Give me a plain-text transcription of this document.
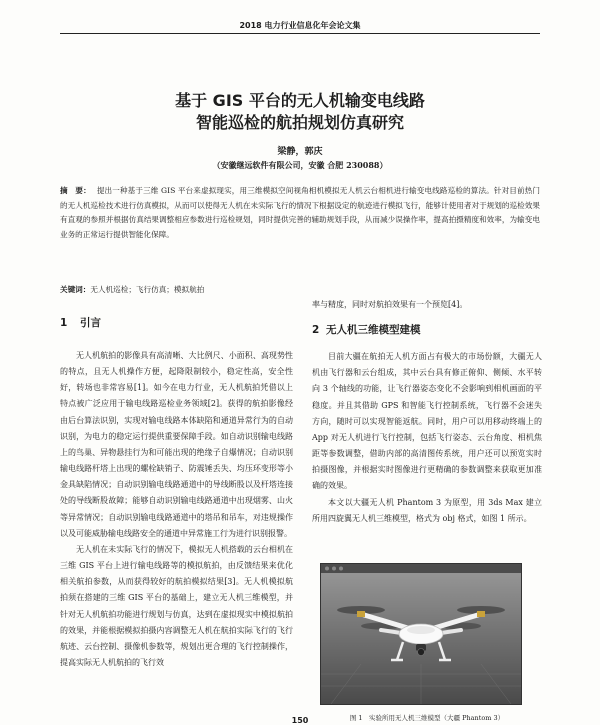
2018 电力行业信息化年会论文集
基于 GIS 平台的无人机输变电线路
智能巡检的航拍规划仿真研究
梁静，郭庆
（安徽继远软件有限公司，安徽 合肥 230088）

摘　要： 提出一种基于三维 GIS 平台来虚拟现实，用三维模拟空间视角相机模拟无人机云台相机进行输变电线路巡检的算法。针对目前热门的无人机巡检技术进行仿真模拟，从而可以使得无人机在未实际飞行的情况下根据设定的航迹进行模拟飞行，能够计使用者对于规划的巡检效果有直观的参照并根据仿真结果调整相应参数进行巡检规划，同时提供完善的辅助规划手段，从而减少误操作率，提高拍摄精度和效率，为输变电业务的正常运行提供智能化保障。

关键词：无人机巡检；飞行仿真；模拟航拍
1 引言

无人机航拍的影像具有高清晰、大比例尺、小面积、高现势性的特点，且无人机操作方便，起降限制较小，稳定性高，安全性好，转场也非常容易[1]。如今在电力行业，无人机航拍凭借以上特点被广泛应用于输电线路巡检业务领域[2]。获得的航拍影像经由后台算法识别，实现对输电线路本体缺陷和通道异常行为的自动识别，为电力的稳定运行提供重要保障手段。如自动识别输电线路上的鸟巢、异物悬挂行为和可能出现的绝缘子自爆情况；自动识别输电线路杆塔上出现的螺栓缺销子、防震锤丢失、均压环变形等小金具缺陷情况；自动识别输电线路通道中的导线断股以及杆塔连接处的导线断股故障；能够自动识别输电线路通道中出现烟雾、山火等异常情况；自动识别输电线路通道中的塔吊和吊车，对违规操作以及可能威胁输电线路安全的通道中异常施工行为进行识别报警。

无人机在未实际飞行的情况下，模拟无人机搭载的云台相机在三维 GIS 平台上进行输电线路等的模拟航拍，由反馈结果来优化相关航拍参数，从而获得较好的航拍模拟结果[3]。无人机模拟航拍须在搭建的三维 GIS 平台的基础上，建立无人机三维模型，并针对无人机航拍功能进行规划与仿真，达到在虚拟现实中模拟航拍的效果，并能根据模拟拍摄内容调整无人机在航拍实际飞行的飞行航迹、云台控制、摄像机参数等，规划出更合理的飞行控制操作，提高实际无人机航拍的飞行效

率与精度，同时对航拍效果有一个预览[4]。

2 无人机三维模型建模

目前大疆在航拍无人机方面占有极大的市场份额，大疆无人机由飞行器和云台组成，其中云台具有修正俯仰、侧倾、水平转向 3 个轴线的功能，让飞行器姿态变化不会影响到相机画面的平稳度。并且其借助 GPS 和智能飞行控制系统，飞行器不会迷失方向，随时可以实现智能返航。同时，用户可以用移动终端上的 App 对无人机进行飞行控制，包括飞行姿态、云台角度、相机焦距等参数调整，借助内部的高清图传系统，用户还可以预览实时拍摄图像，并根据实时图像进行更精确的参数调整来获取更加准确的效果。

本文以大疆无人机 Phantom 3 为原型，用 3ds Max 建立所用四旋翼无人机三维模型，格式为 obj 格式，如图 1 所示。

图 1　实验所用无人机三维模型（大疆 Phantom 3）
150
